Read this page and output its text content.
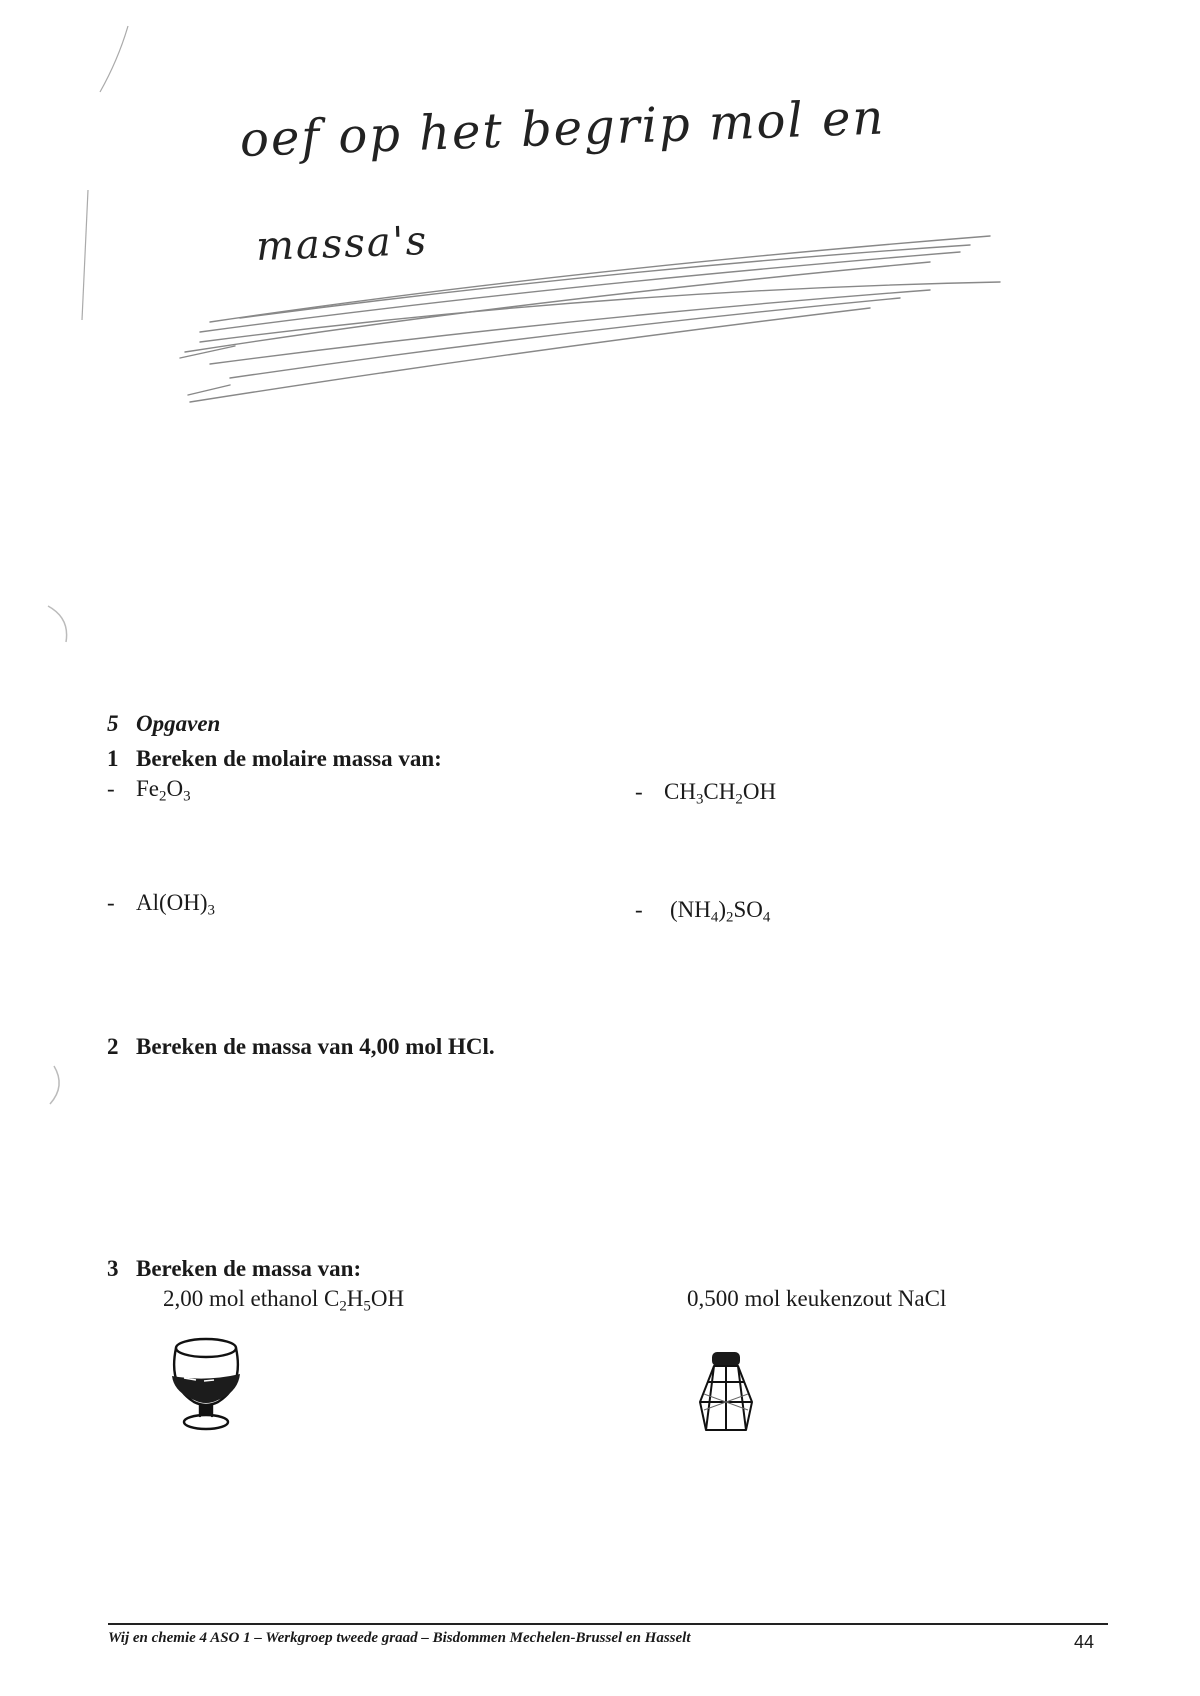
oef op het begrip mol en
massa's
5 Opgaven
1 Bereken de molaire massa van:
- $Fe_2O_3$	- $CH_3CH_2OH$
- $Al(OH)_3$	- $(NH_4)_2SO_4$
2 Bereken de massa van 4,00 mol HCl.
3 Bereken de massa van:
2,00 mol ethanol $C_2H_5OH$	0,500 mol keukenzout NaCl
Wij en chemie 4 ASO 1 – Werkgroep tweede graad – Bisdommen Mechelen-Brussel en Hasselt	44
